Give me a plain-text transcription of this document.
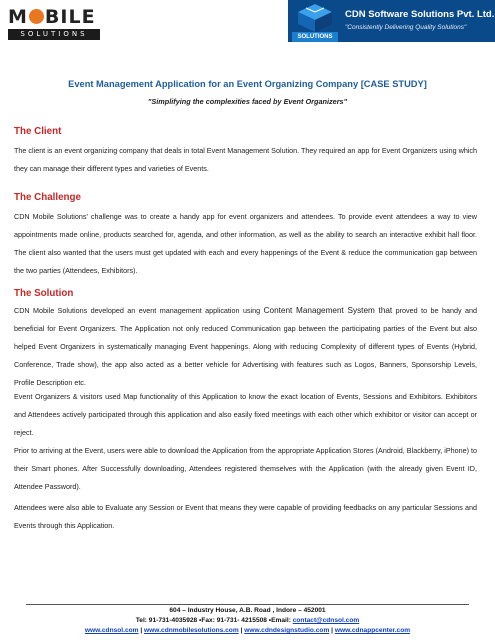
M BILE
SOLUTIONS	SOLUTIONS
CDN Software Solutions Pvt. Ltd.
"Consistently Delivering Quality Solutions"
Event Management Application for an Event Organizing Company [CASE STUDY]
"Simplifying the complexities faced by Event Organizers"
The Client

The client is an event organizing company that deals in total Event Management Solution. They required an app for Event Organizers using which they can manage their different types and varieties of Events.

The Challenge

CDN Mobile Solutions' challenge was to create a handy app for event organizers and attendees. To provide event attendees a way to view appointments made online, products searched for, agenda, and other information, as well as the ability to search an interactive exhibit hall floor. The client also wanted that the users must get updated with each and every happenings of the Event & reduce the communication gap between the two parties (Attendees, Exhibitors).

The Solution

CDN Mobile Solutions developed an event management application using Content Management System that proved to be handy and beneficial for Event Organizers. The Application not only reduced Communication gap between the participating parties of the Event but also helped Event Organizers in systematically managing Event happenings. Along with reducing Complexity of different types of Events (Hybrid, Conference, Trade show), the app also acted as a better vehicle for Advertising with features such as Logos, Banners, Sponsorship Levels, Profile Description etc.

Event Organizers & visitors used Map functionality of this Application to know the exact location of Events, Sessions and Exhibitors. Exhibitors and Attendees actively participated through this application and also easily fixed meetings with each other which exhibitor or visitor can accept or reject.

Prior to arriving at the Event, users were able to download the Application from the appropriate Application Stores (Android, Blackberry, iPhone) to their Smart phones. After Successfully downloading, Attendees registered themselves with the Application (with the already given Event ID, Attendee Password).

Attendees were also able to Evaluate any Session or Event that means they were capable of providing feedbacks on any particular Sessions and Events through this Application.

604 – Industry House, A.B. Road , Indore – 452001
Tel: 91-731-4035928 •Fax: 91-731- 4215508 •Email: contact@cdnsol.com
www.cdnsol.com | www.cdnmobilesolutions.com | www.cdndesignstudio.com | www.cdnappcenter.com
